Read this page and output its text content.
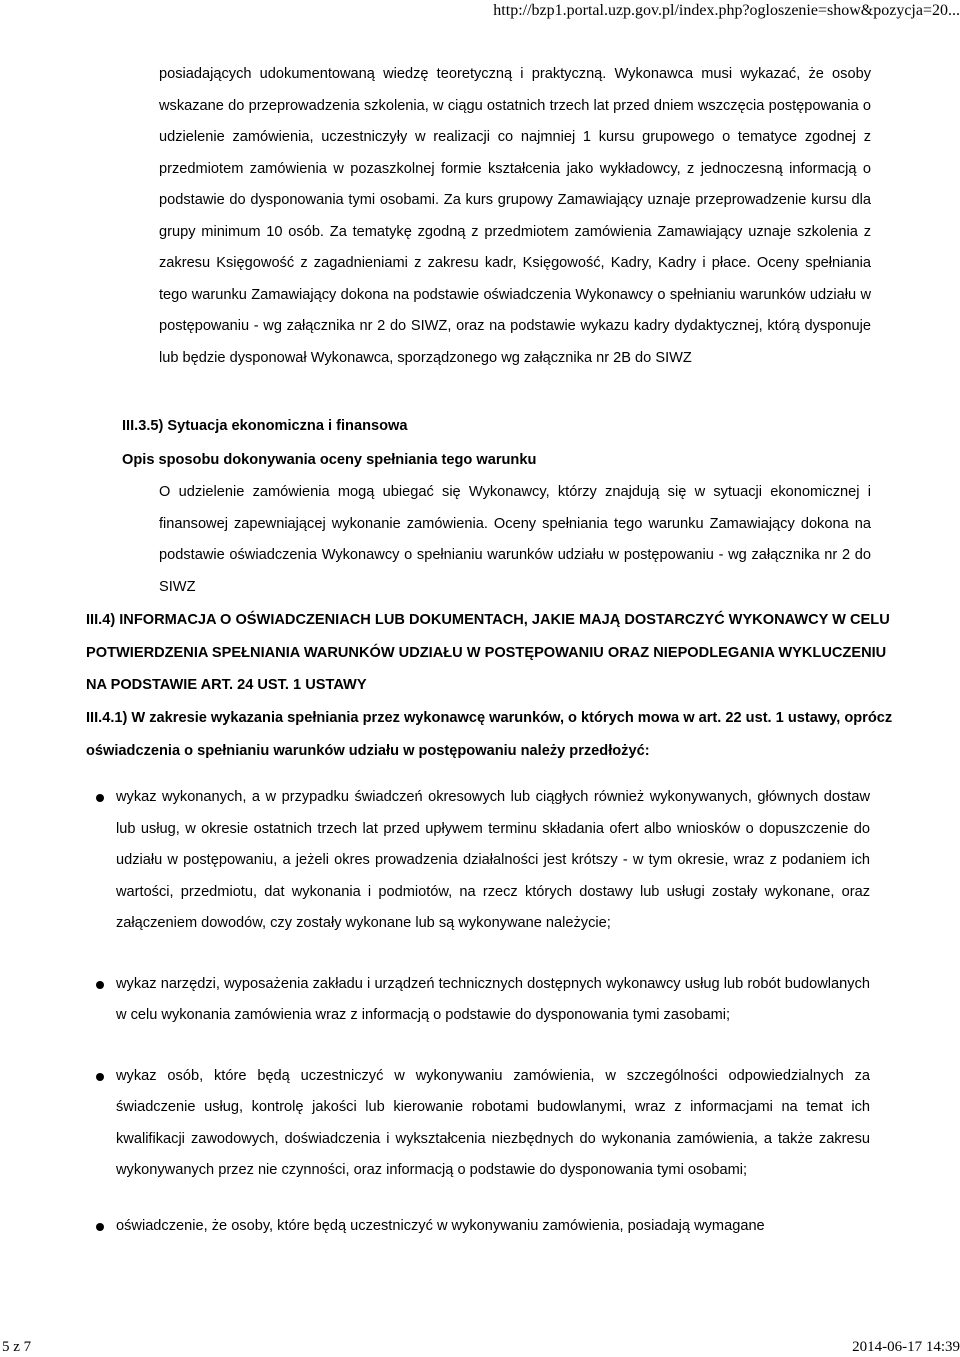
http://bzp1.portal.uzp.gov.pl/index.php?ogloszenie=show&pozycja=20...

posiadających udokumentowaną wiedzę teoretyczną i praktyczną. Wykonawca musi wykazać, że osoby wskazane do przeprowadzenia szkolenia, w ciągu ostatnich trzech lat przed dniem wszczęcia postępowania o udzielenie zamówienia, uczestniczyły w realizacji co najmniej 1 kursu grupowego o tematyce zgodnej z przedmiotem zamówienia w pozaszkolnej formie kształcenia jako wykładowcy, z jednoczesną informacją o podstawie do dysponowania tymi osobami. Za kurs grupowy Zamawiający uznaje przeprowadzenie kursu dla grupy minimum 10 osób. Za tematykę zgodną z przedmiotem zamówienia Zamawiający uznaje szkolenia z zakresu Księgowość z zagadnieniami z zakresu kadr, Księgowość, Kadry, Kadry i płace. Oceny spełniania tego warunku Zamawiający dokona na podstawie oświadczenia Wykonawcy o spełnianiu warunków udziału w postępowaniu - wg załącznika nr 2 do SIWZ, oraz na podstawie wykazu kadry dydaktycznej, którą dysponuje lub będzie dysponował Wykonawca, sporządzonego wg załącznika nr 2B do SIWZ

III.3.5) Sytuacja ekonomiczna i finansowa
Opis sposobu dokonywania oceny spełniania tego warunku

O udzielenie zamówienia mogą ubiegać się Wykonawcy, którzy znajdują się w sytuacji ekonomicznej i finansowej zapewniającej wykonanie zamówienia. Oceny spełniania tego warunku Zamawiający dokona na podstawie oświadczenia Wykonawcy o spełnianiu warunków udziału w postępowaniu - wg załącznika nr 2 do SIWZ

III.4) INFORMACJA O OŚWIADCZENIACH LUB DOKUMENTACH, JAKIE MAJĄ DOSTARCZYĆ WYKONAWCY W CELU POTWIERDZENIA SPEŁNIANIA WARUNKÓW UDZIAŁU W POSTĘPOWANIU ORAZ NIEPODLEGANIA WYKLUCZENIU NA PODSTAWIE ART. 24 UST. 1 USTAWY

III.4.1) W zakresie wykazania spełniania przez wykonawcę warunków, o których mowa w art. 22 ust. 1 ustawy, oprócz oświadczenia o spełnianiu warunków udziału w postępowaniu należy przedłożyć:

wykaz wykonanych, a w przypadku świadczeń okresowych lub ciągłych również wykonywanych, głównych dostaw lub usług, w okresie ostatnich trzech lat przed upływem terminu składania ofert albo wniosków o dopuszczenie do udziału w postępowaniu, a jeżeli okres prowadzenia działalności jest krótszy - w tym okresie, wraz z podaniem ich wartości, przedmiotu, dat wykonania i podmiotów, na rzecz których dostawy lub usługi zostały wykonane, oraz załączeniem dowodów, czy zostały wykonane lub są wykonywane należycie;
wykaz narzędzi, wyposażenia zakładu i urządzeń technicznych dostępnych wykonawcy usług lub robót budowlanych w celu wykonania zamówienia wraz z informacją o podstawie do dysponowania tymi zasobami;
wykaz osób, które będą uczestniczyć w wykonywaniu zamówienia, w szczególności odpowiedzialnych za świadczenie usług, kontrolę jakości lub kierowanie robotami budowlanymi, wraz z informacjami na temat ich kwalifikacji zawodowych, doświadczenia i wykształcenia niezbędnych do wykonania zamówienia, a także zakresu wykonywanych przez nie czynności, oraz informacją o podstawie do dysponowania tymi osobami;
oświadczenie, że osoby, które będą uczestniczyć w wykonywaniu zamówienia, posiadają wymagane
5 z 7	2014-06-17 14:39
